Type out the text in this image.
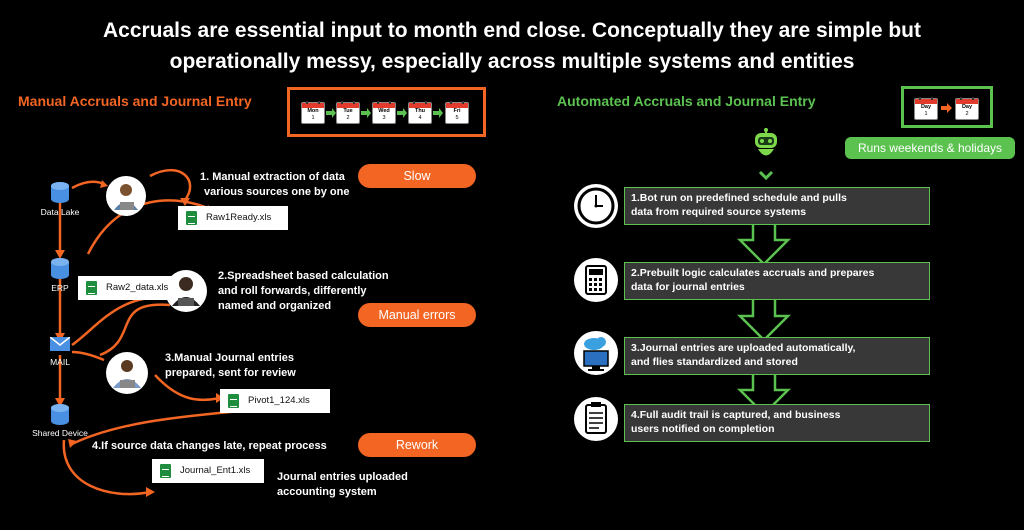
Accruals are essential input to month end close. Conceptually they are simple but
operationally messy, especially across multiple systems and entities
Manual Accruals and Journal Entry
Mon
1
Tue
2
Wed
3
Thu
4
Fri
5
Data Lake
ERP
MAIL
Shared Device
Raw1Ready.xls
Raw2_data.xls
Pivot1_124.xls
Journal_Ent1.xls
1. Manual extraction of data
various sources one by one
2.Spreadsheet based calculation
and roll forwards, differently
named and organized
3.Manual Journal entries
prepared, sent for review
4.If source data changes late, repeat process
Journal entries uploaded
accounting system
Slow
Manual errors
Rework
Automated Accruals and Journal Entry	Day
1
Day
2
Runs weekends & holidays
1.Bot run on predefined schedule and pulls
data from required source systems
2.Prebuilt logic calculates accruals and prepares
data for journal entries
3.Journal entries are uploaded automatically,
and flies standardized and stored
4.Full audit trail is captured, and business
users notified on completion
